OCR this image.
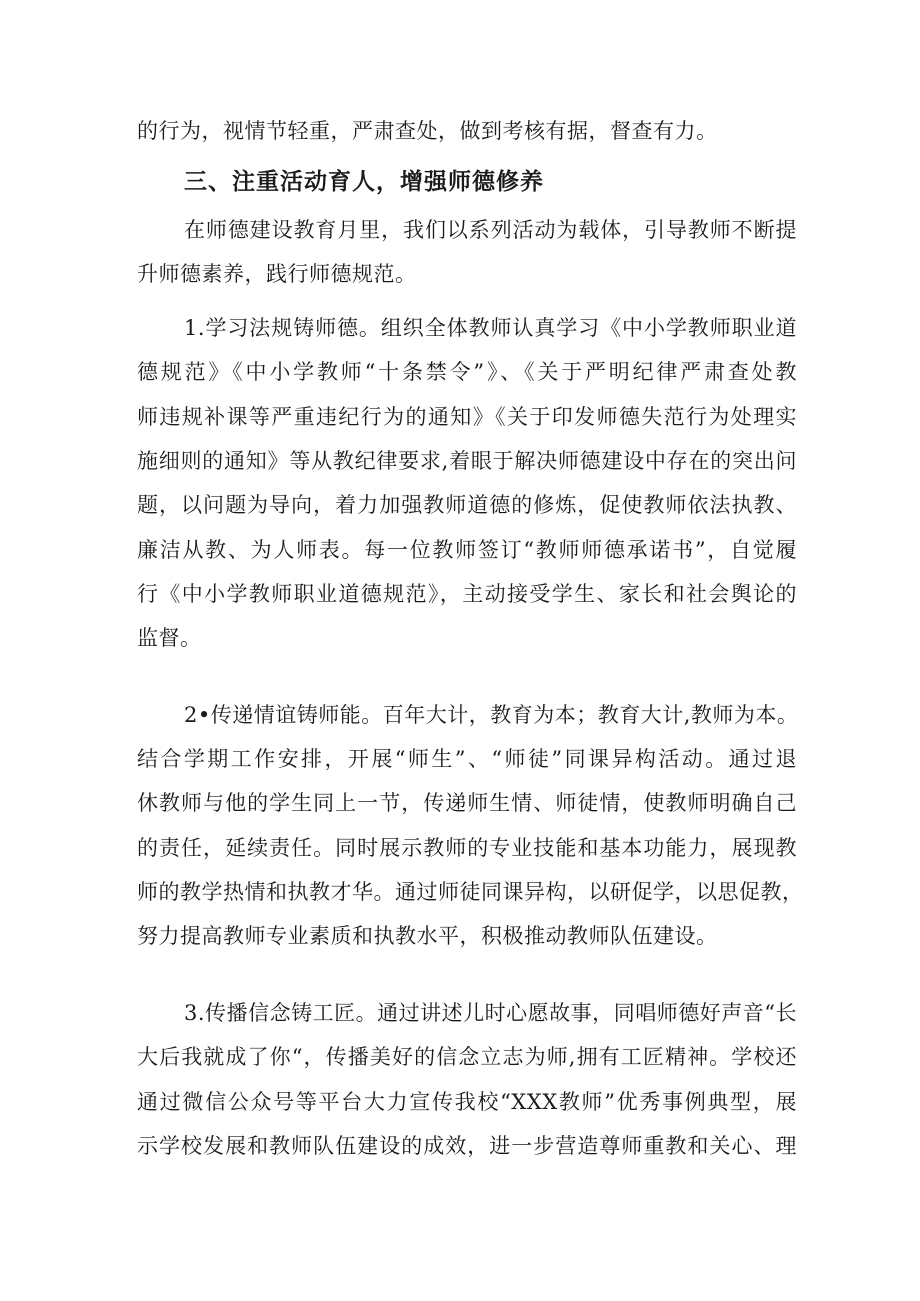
的行为，视情节轻重，严肃查处，做到考核有据，督查有力。
三、注重活动育人，增强师德修养
在师德建设教育月里，我们以系列活动为载体，引导教师不断提
升师德素养，践行师德规范。
1.学习法规铸师德。组织全体教师认真学习《中小学教师职业道
德规范》《中小学教师“十条禁令”》、《关于严明纪律严肃查处教
师违规补课等严重违纪行为的通知》《关于印发师德失范行为处理实
施细则的通知》等从教纪律要求,着眼于解决师德建设中存在的突出问
题，以问题为导向，着力加强教师道德的修炼，促使教师依法执教、
廉洁从教、为人师表。每一位教师签订“教师师德承诺书”，自觉履
行《中小学教师职业道德规范》，主动接受学生、家长和社会舆论的
监督。
2•传递情谊铸师能。百年大计，教育为本；教育大计,教师为本。
结合学期工作安排，开展“师生”、“师徒”同课异构活动。通过退
休教师与他的学生同上一节，传递师生情、师徒情，使教师明确自己
的责任，延续责任。同时展示教师的专业技能和基本功能力，展现教
师的教学热情和执教才华。通过师徒同课异构，以研促学，以思促教，
努力提高教师专业素质和执教水平，积极推动教师队伍建设。
3.传播信念铸工匠。通过讲述儿时心愿故事，同唱师德好声音“长
大后我就成了你“，传播美好的信念立志为师,拥有工匠精神。学校还
通过微信公众号等平台大力宣传我校“XXX教师”优秀事例典型，展
示学校发展和教师队伍建设的成效，进一步营造尊师重教和关心、理
